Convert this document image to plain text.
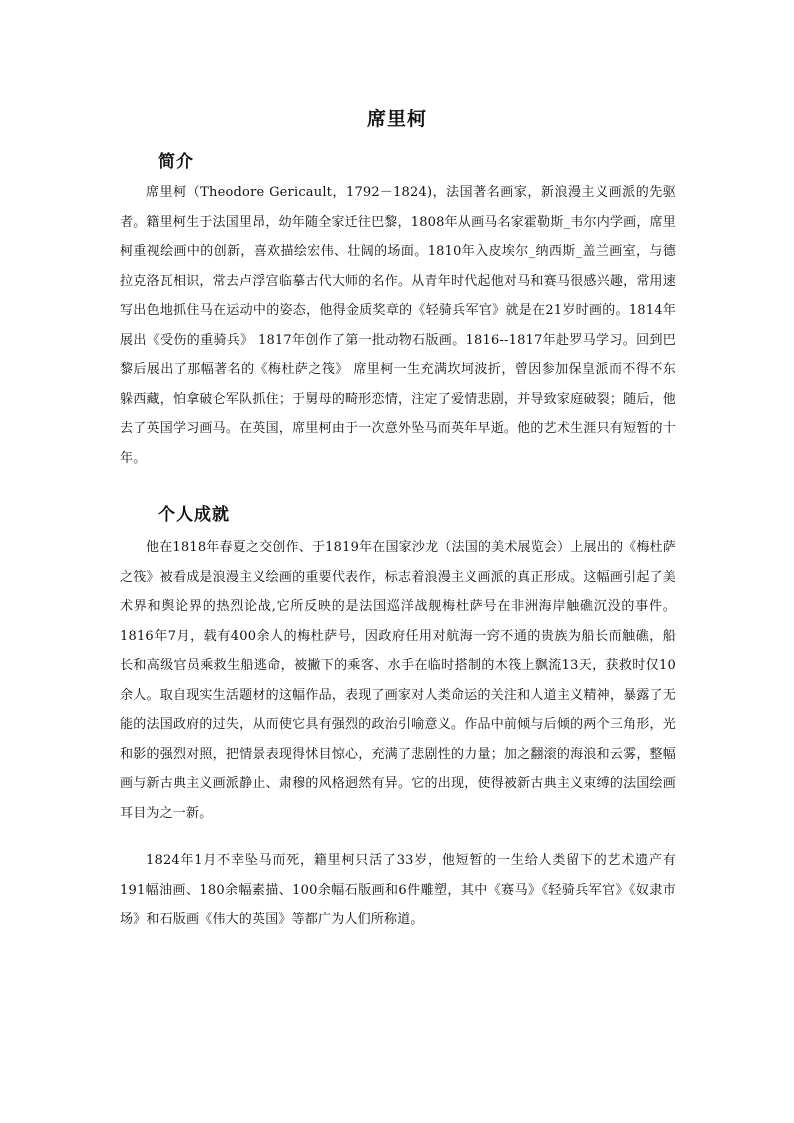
席里柯
简介

席里柯（Theodore Gericault，1792－1824)，法国著名画家，新浪漫主义画派的先驱者。籍里柯生于法国里昂，幼年随全家迁往巴黎，1808年从画马名家霍勒斯_韦尔内学画，席里柯重视绘画中的创新，喜欢描绘宏伟、壮阔的场面。1810年入皮埃尔_纳西斯_盖兰画室，与德拉克洛瓦相识，常去卢浮宫临摹古代大师的名作。从青年时代起他对马和赛马很感兴趣，常用速写出色地抓住马在运动中的姿态，他得金质奖章的《轻骑兵军官》就是在21岁时画的。1814年展出《受伤的重骑兵》 1817年创作了第一批动物石版画。1816--1817年赴罗马学习。回到巴黎后展出了那幅著名的《梅杜萨之筏》 席里柯一生充满坎坷波折，曾因参加保皇派而不得不东躲西藏，怕拿破仑军队抓住；于舅母的畸形恋情，注定了爱情悲剧，并导致家庭破裂；随后，他去了英国学习画马。在英国，席里柯由于一次意外坠马而英年早逝。他的艺术生涯只有短暂的十年。

个人成就

他在1818年春夏之交创作、于1819年在国家沙龙（法国的美术展览会）上展出的《梅杜萨之筏》被看成是浪漫主义绘画的重要代表作，标志着浪漫主义画派的真正形成。这幅画引起了美术界和舆论界的热烈论战,它所反映的是法国巡洋战舰梅杜萨号在非洲海岸触礁沉没的事件。1816年7月，载有400余人的梅杜萨号，因政府任用对航海一窍不通的贵族为船长而触礁，船长和高级官员乘救生船逃命，被撇下的乘客、水手在临时搭制的木筏上飘流13天，获救时仅10余人。取自现实生活题材的这幅作品，表现了画家对人类命运的关注和人道主义精神，暴露了无能的法国政府的过失，从而使它具有强烈的政治引喻意义。作品中前倾与后倾的两个三角形，光和影的强烈对照，把情景表现得怵目惊心，充满了悲剧性的力量；加之翻滚的海浪和云雾，整幅画与新古典主义画派静止、肃穆的风格迥然有异。它的出现，使得被新古典主义束缚的法国绘画耳目为之一新。

1824年1月不幸坠马而死，籍里柯只活了33岁，他短暂的一生给人类留下的艺术遗产有191幅油画、180余幅素描、100余幅石版画和6件雕塑，其中《赛马》《轻骑兵军官》《奴隶市场》和石版画《伟大的英国》等都广为人们所称道。
